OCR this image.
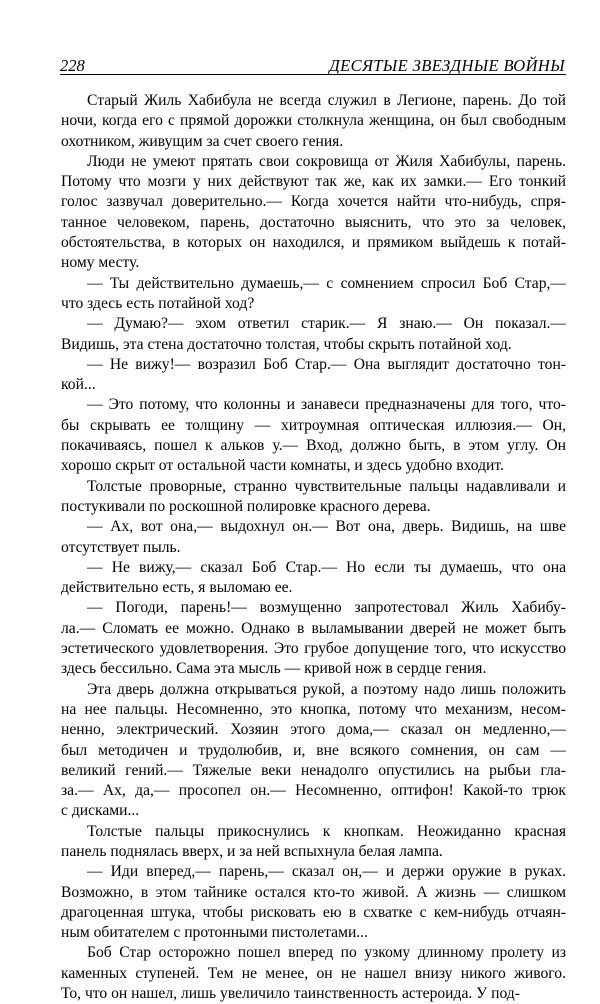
228	ДЕСЯТЫЕ ЗВЕЗДНЫЕ ВОЙНЫ
Старый Жиль Хабибула не всегда служил в Легионе, парень. До той
ночи, когда его с прямой дорожки столкнула женщина, он был свободным
охотником, живущим за счет своего гения.
Люди не умеют прятать свои сокровища от Жиля Хабибулы, парень.
Потому что мозги у них действуют так же, как их замки.— Его тонкий
голос зазвучал доверительно.— Когда хочется найти что-нибудь, спря-
танное человеком, парень, достаточно выяснить, что это за человек,
обстоятельства, в которых он находился, и прямиком выйдешь к потай-
ному месту.
— Ты действительно думаешь,— с сомнением спросил Боб Стар,—
что здесь есть потайной ход?
— Думаю?— эхом ответил старик.— Я знаю.— Он показал.—
Видишь, эта стена достаточно толстая, чтобы скрыть потайной ход.
— Не вижу!— возразил Боб Стар.— Она выглядит достаточно тон-
кой...
— Это потому, что колонны и занавеси предназначены для того, что-
бы скрывать ее толщину — хитроумная оптическая иллюзия.— Он,
покачиваясь, пошел к альков у.— Вход, должно быть, в этом углу. Он
хорошо скрыт от остальной части комнаты, и здесь удобно входит.
Толстые проворные, странно чувствительные пальцы надавливали и
постукивали по роскошной полировке красного дерева.
— Ах, вот она,— выдохнул он.— Вот она, дверь. Видишь, на шве
отсутствует пыль.
— Не вижу,— сказал Боб Стар.— Но если ты думаешь, что она
действительно есть, я выломаю ее.
— Погоди, парень!— возмущенно запротестовал Жиль Хабибу-
ла.— Сломать ее можно. Однако в выламывании дверей не может быть
эстетического удовлетворения. Это грубое допущение того, что искусство
здесь бессильно. Сама эта мысль — кривой нож в сердце гения.
Эта дверь должна открываться рукой, а поэтому надо лишь положить
на нее пальцы. Несомненно, это кнопка, потому что механизм, несом-
ненно, электрический. Хозяин этого дома,— сказал он медленно,—
был методичен и трудолюбив, и, вне всякого сомнения, он сам —
великий гений.— Тяжелые веки ненадолго опустились на рыбьи гла-
за.— Ах, да,— просопел он.— Несомненно, оптифон! Какой-то трюк
с дисками...
Толстые пальцы прикоснулись к кнопкам. Неожиданно красная
панель поднялась вверх, и за ней вспыхнула белая лампа.
— Иди вперед,— парень,— сказал он,— и держи оружие в руках.
Возможно, в этом тайнике остался кто-то живой. А жизнь — слишком
драгоценная штука, чтобы рисковать ею в схватке с кем-нибудь отчаян-
ным обитателем с протонными пистолетами...
Боб Стар осторожно пошел вперед по узкому длинному пролету из
каменных ступеней. Тем не менее, он не нашел внизу никого живого.
То, что он нашел, лишь увеличило таинственность астероида. У под-
